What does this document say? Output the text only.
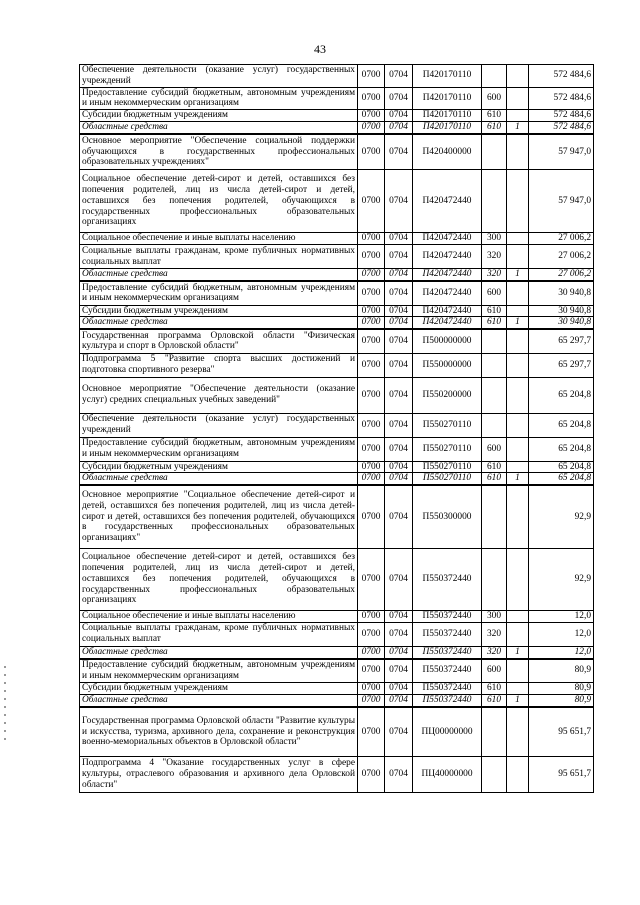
43
Обеспечение деятельности (оказание услуг) государственных учреждений	0700	0704	П420170110			572 484,6
Предоставление субсидий бюджетным, автономным учреждениям и иным некоммерческим организациям	0700	0704	П420170110	600		572 484,6
Субсидии бюджетным учреждениям	0700	0704	П420170110	610		572 484,6
Областные средства	0700	0704	П420170110	610	1	572 484,6
Основное мероприятие "Обеспечение социальной поддержки обучающихся в государственных профессиональных образовательных учреждениях"	0700	0704	П420400000			57 947,0
Социальное обеспечение детей-сирот и детей, оставшихся без попечения родителей, лиц из числа детей-сирот и детей, оставшихся без попечения родителей, обучающихся в государственных профессиональных образовательных организациях	0700	0704	П420472440			57 947,0
Социальное обеспечение и иные выплаты населению	0700	0704	П420472440	300		27 006,2
Социальные выплаты гражданам, кроме публичных нормативных социальных выплат	0700	0704	П420472440	320		27 006,2
Областные средства	0700	0704	П420472440	320	1	27 006,2
Предоставление субсидий бюджетным, автономным учреждениям и иным некоммерческим организациям	0700	0704	П420472440	600		30 940,8
Субсидии бюджетным учреждениям	0700	0704	П420472440	610		30 940,8
Областные средства	0700	0704	П420472440	610	1	30 940,8
Государственная программа Орловской области "Физическая культура и спорт в Орловской области"	0700	0704	П500000000			65 297,7
Подпрограмма 5 "Развитие спорта высших достижений и подготовка спортивного резерва"	0700	0704	П550000000			65 297,7
Основное мероприятие "Обеспечение деятельности (оказание услуг) средних специальных учебных заведений"	0700	0704	П550200000			65 204,8
Обеспечение деятельности (оказание услуг) государственных учреждений	0700	0704	П550270110			65 204,8
Предоставление субсидий бюджетным, автономным учреждениям и иным некоммерческим организациям	0700	0704	П550270110	600		65 204,8
Субсидии бюджетным учреждениям	0700	0704	П550270110	610		65 204,8
Областные средства	0700	0704	П550270110	610	1	65 204,8
Основное мероприятие "Социальное обеспечение детей-сирот и детей, оставшихся без попечения родителей, лиц из числа детей-сирот и детей, оставшихся без попечения родителей, обучающихся в государственных профессиональных образовательных организациях"	0700	0704	П550300000			92,9
Социальное обеспечение детей-сирот и детей, оставшихся без попечения родителей, лиц из числа детей-сирот и детей, оставшихся без попечения родителей, обучающихся в государственных профессиональных образовательных организациях	0700	0704	П550372440			92,9
Социальное обеспечение и иные выплаты населению	0700	0704	П550372440	300		12,0
Социальные выплаты гражданам, кроме публичных нормативных социальных выплат	0700	0704	П550372440	320		12,0
Областные средства	0700	0704	П550372440	320	1	12,0
Предоставление субсидий бюджетным, автономным учреждениям и иным некоммерческим организациям	0700	0704	П550372440	600		80,9
Субсидии бюджетным учреждениям	0700	0704	П550372440	610		80,9
Областные средства	0700	0704	П550372440	610	1	80,9
Государственная программа Орловской области "Развитие культуры и искусства, туризма, архивного дела, сохранение и реконструкция военно-мемориальных объектов в Орловской области"	0700	0704	ПЦ00000000			95 651,7
Подпрограмма 4 "Оказание государственных услуг в сфере культуры, отраслевого образования и архивного дела Орловской области"	0700	0704	ПЦ40000000			95 651,7
